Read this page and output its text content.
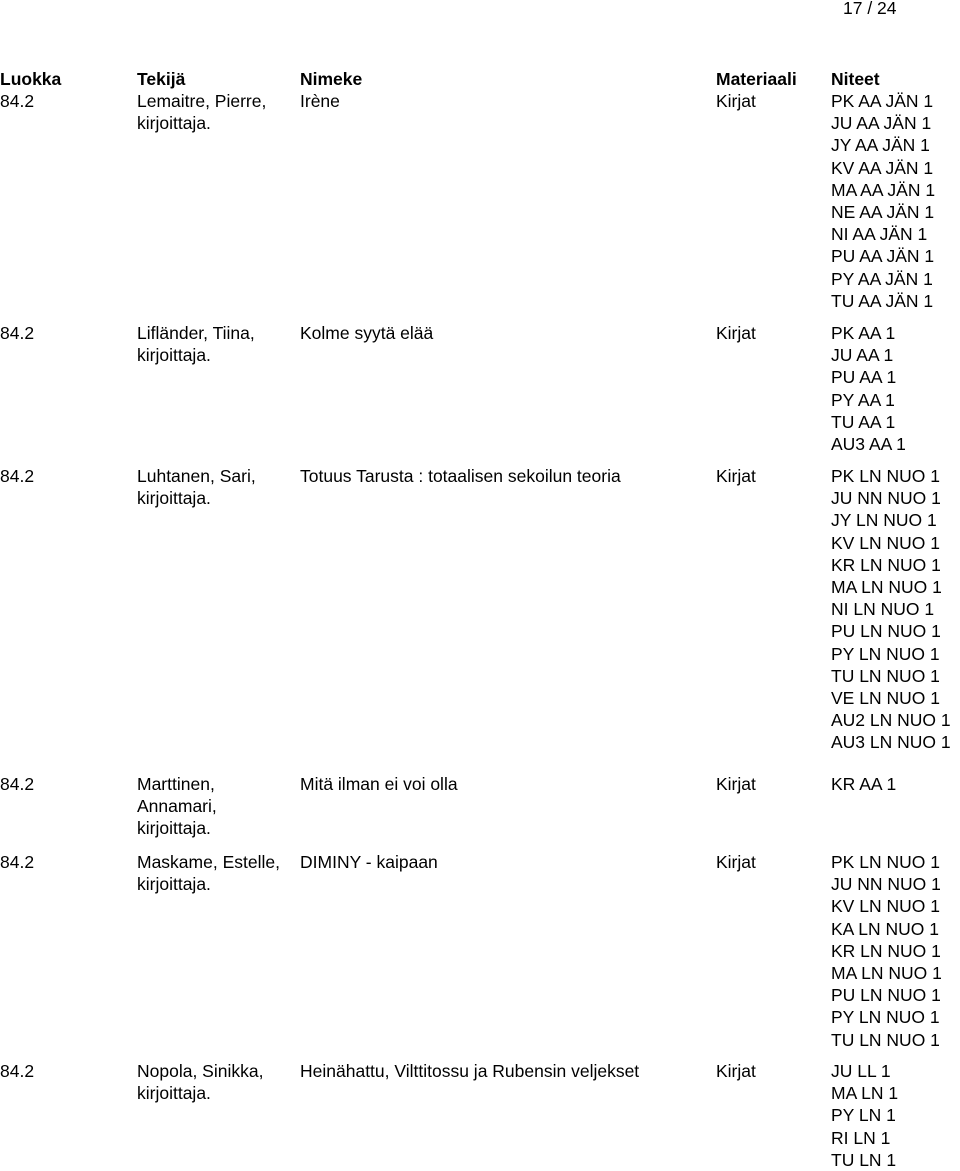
17 / 24
Luokka	Tekijä	Nimeke	Materiaali Niteet
84.2	Lemaitre, Pierre,
kirjoittaja.
Irène	Kirjat	PK AA JÄN 1
JU AA JÄN 1
JY AA JÄN 1
KV AA JÄN 1
MA AA JÄN 1
NE AA JÄN 1
NI AA JÄN 1
PU AA JÄN 1
PY AA JÄN 1
TU AA JÄN 1
84.2	Lifländer, Tiina,
kirjoittaja.
Kolme syytä elää	Kirjat	PK AA 1
JU AA 1
PU AA 1
PY AA 1
TU AA 1
AU3 AA 1
84.2	Luhtanen, Sari,
kirjoittaja.
Totuus Tarusta : totaalisen sekoilun teoria	Kirjat	PK LN NUO 1
JU NN NUO 1
JY LN NUO 1
KV LN NUO 1
KR LN NUO 1
MA LN NUO 1
NI LN NUO 1
PU LN NUO 1
PY LN NUO 1
TU LN NUO 1
VE LN NUO 1
AU2 LN NUO 1
AU3 LN NUO 1
84.2	Marttinen,
Annamari,
kirjoittaja.
Mitä ilman ei voi olla	Kirjat	KR AA 1
84.2	Maskame, Estelle,
kirjoittaja.
DIMINY - kaipaan	Kirjat	PK LN NUO 1
JU NN NUO 1
KV LN NUO 1
KA LN NUO 1
KR LN NUO 1
MA LN NUO 1
PU LN NUO 1
PY LN NUO 1
TU LN NUO 1
84.2	Nopola, Sinikka,
kirjoittaja.
Heinähattu, Vilttitossu ja Rubensin veljekset	Kirjat	JU LL 1
MA LN 1
PY LN 1
RI LN 1
TU LN 1
